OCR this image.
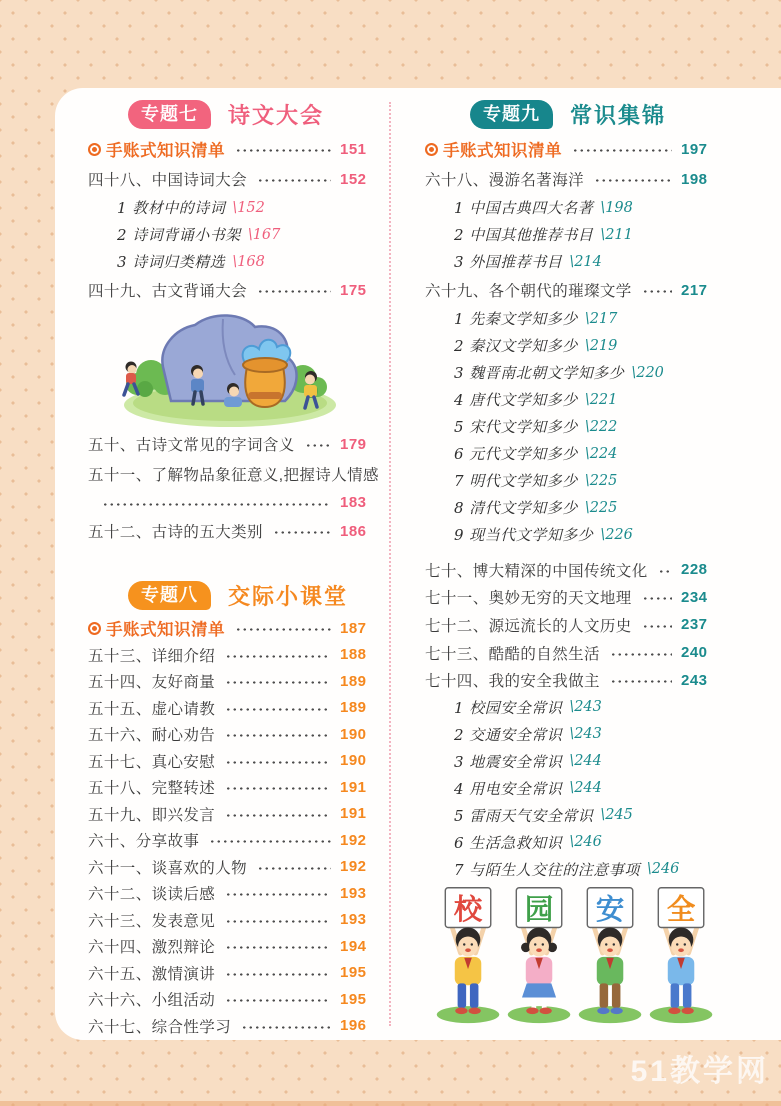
专题七	诗文大会
手账式知识清单	151
四十八、中国诗词大会	152
1 教材中的诗词 \152
2 诗词背诵小书架 \167
3 诗词归类精选 \168
四十九、古文背诵大会	175
五十、古诗文常见的字词含义	179
五十一、了解物品象征意义,把握诗人情感
183
五十二、古诗的五大类别	186
专题八	交际小课堂
手账式知识清单	187
五十三、详细介绍	188
五十四、友好商量	189
五十五、虚心请教	189
五十六、耐心劝告	190
五十七、真心安慰	190
五十八、完整转述	191
五十九、即兴发言	191
六十、分享故事	192
六十一、谈喜欢的人物	192
六十二、谈读后感	193
六十三、发表意见	193
六十四、激烈辩论	194
六十五、激情演讲	195
六十六、小组活动	195
六十七、综合性学习	196
专题九	常识集锦
手账式知识清单	197
六十八、漫游名著海洋	198
1 中国古典四大名著 \198
2 中国其他推荐书目 \211
3 外国推荐书目 \214
六十九、各个朝代的璀璨文学	217
1 先秦文学知多少 \217
2 秦汉文学知多少 \219
3 魏晋南北朝文学知多少 \220
4 唐代文学知多少 \221
5 宋代文学知多少 \222
6 元代文学知多少 \224
7 明代文学知多少 \225
8 清代文学知多少 \225
9 现当代文学知多少 \226
七十、博大精深的中国传统文化 228
七十一、奥妙无穷的天文地理	234
七十二、源远流长的人文历史	237
七十三、酷酷的自然生活	240
七十四、我的安全我做主	243
1 校园安全常识 \243
2 交通安全常识 \243
3 地震安全常识 \244
4 用电安全常识 \244
5 雷雨天气安全常识 \245
6 生活急救知识 \246
7 与陌生人交往的注意事项 \246
校 园 安 全
51教学网
